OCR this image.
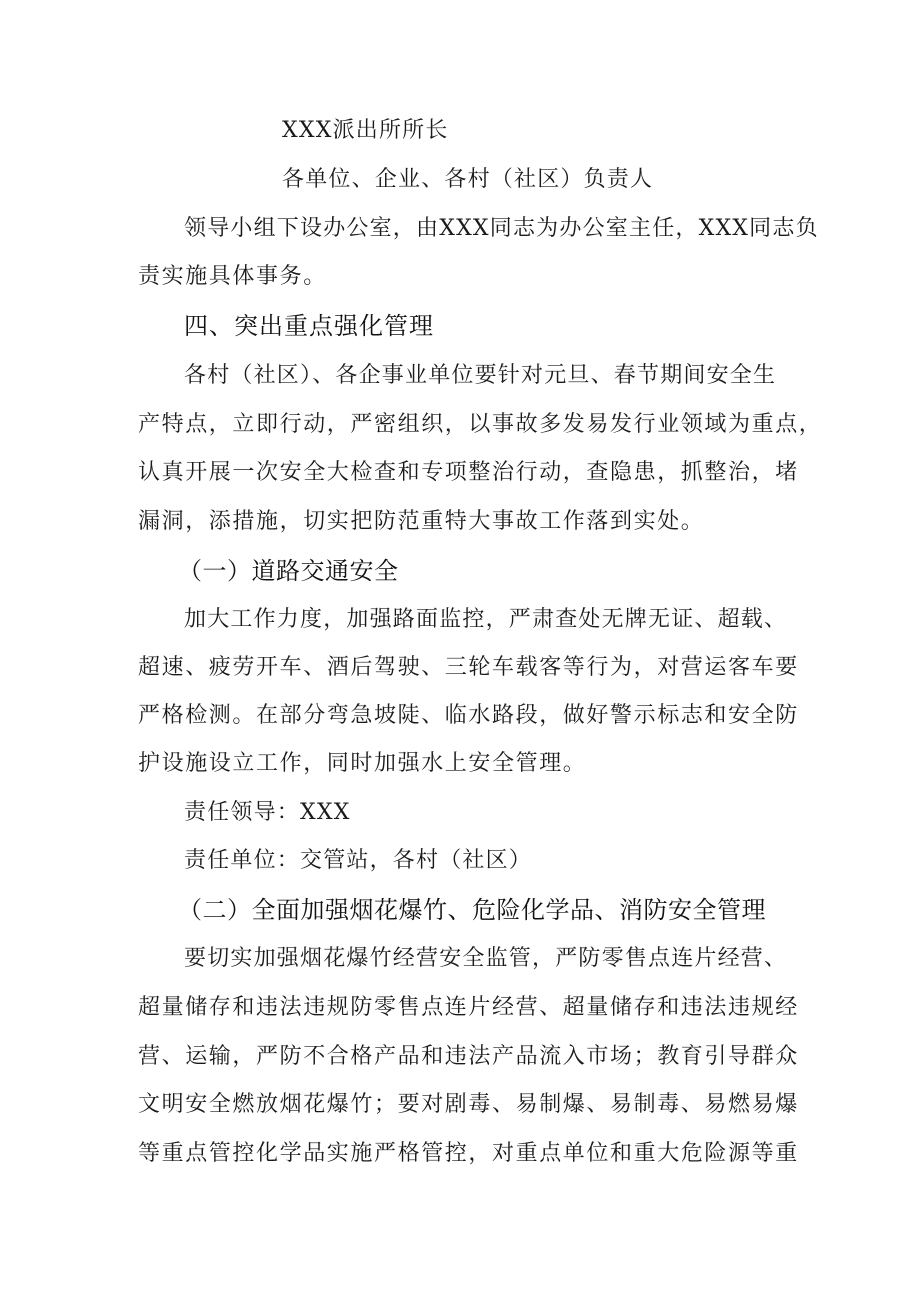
XXX派出所所长
各单位、企业、各村（社区）负责人
领导小组下设办公室，由XXX同志为办公室主任，XXX同志负
责实施具体事务。
四、突出重点强化管理
各村（社区）、各企事业单位要针对元旦、春节期间安全生
产特点，立即行动，严密组织，以事故多发易发行业领域为重点，
认真开展一次安全大检查和专项整治行动，查隐患，抓整治，堵
漏洞，添措施，切实把防范重特大事故工作落到实处。
（一）道路交通安全
加大工作力度，加强路面监控，严肃查处无牌无证、超载、
超速、疲劳开车、酒后驾驶、三轮车载客等行为，对营运客车要
严格检测。在部分弯急坡陡、临水路段，做好警示标志和安全防
护设施设立工作，同时加强水上安全管理。
责任领导：XXX
责任单位：交管站，各村（社区）
（二）全面加强烟花爆竹、危险化学品、消防安全管理
要切实加强烟花爆竹经营安全监管，严防零售点连片经营、
超量储存和违法违规防零售点连片经营、超量储存和违法违规经
营、运输，严防不合格产品和违法产品流入市场；教育引导群众
文明安全燃放烟花爆竹；要对剧毒、易制爆、易制毒、易燃易爆
等重点管控化学品实施严格管控，对重点单位和重大危险源等重
